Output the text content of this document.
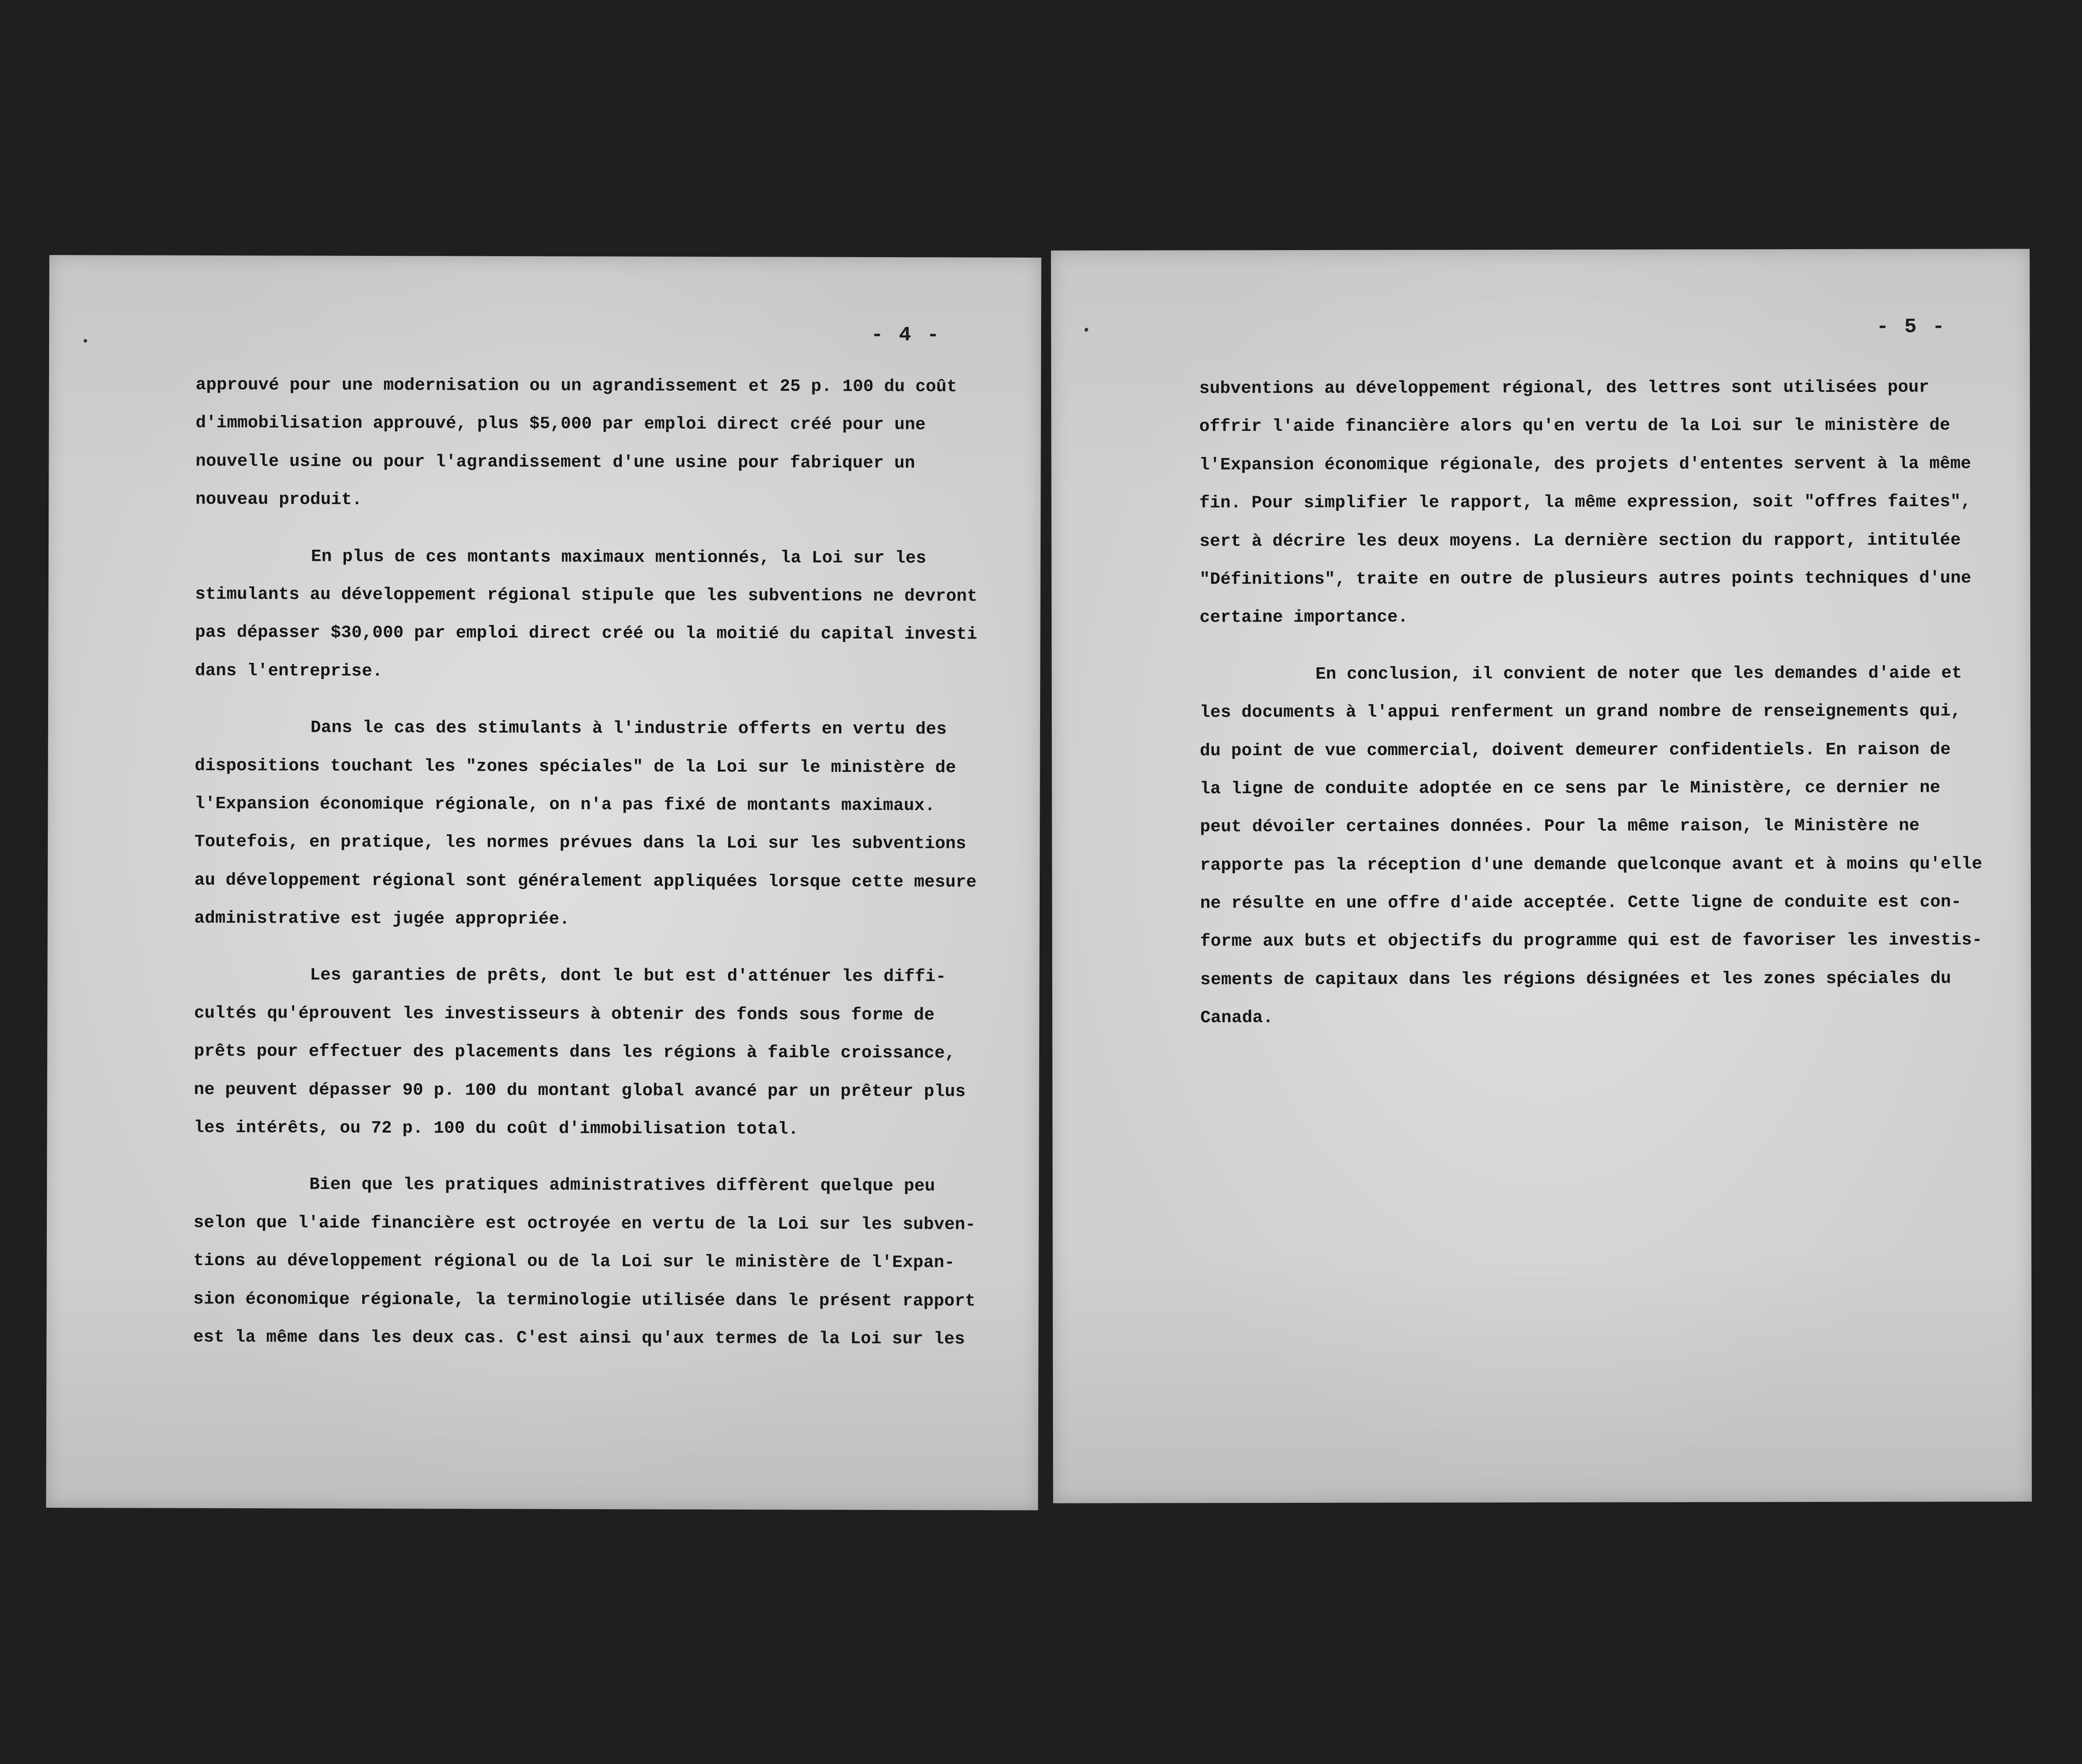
- 4 -
approuvé pour une modernisation ou un agrandissement et 25 p. 100 du coût
d'immobilisation approuvé, plus $5,000 par emploi direct créé pour une
nouvelle usine ou pour l'agrandissement d'une usine pour fabriquer un
nouveau produit.
En plus de ces montants maximaux mentionnés, la Loi sur les
stimulants au développement régional stipule que les subventions ne devront
pas dépasser $30,000 par emploi direct créé ou la moitié du capital investi
dans l'entreprise.
Dans le cas des stimulants à l'industrie offerts en vertu des
dispositions touchant les "zones spéciales" de la Loi sur le ministère de
l'Expansion économique régionale, on n'a pas fixé de montants maximaux.
Toutefois, en pratique, les normes prévues dans la Loi sur les subventions
au développement régional sont généralement appliquées lorsque cette mesure
administrative est jugée appropriée.
Les garanties de prêts, dont le but est d'atténuer les diffi-
cultés qu'éprouvent les investisseurs à obtenir des fonds sous forme de
prêts pour effectuer des placements dans les régions à faible croissance,
ne peuvent dépasser 90 p. 100 du montant global avancé par un prêteur plus
les intérêts, ou 72 p. 100 du coût d'immobilisation total.
Bien que les pratiques administratives diffèrent quelque peu
selon que l'aide financière est octroyée en vertu de la Loi sur les subven-
tions au développement régional ou de la Loi sur le ministère de l'Expan-
sion économique régionale, la terminologie utilisée dans le présent rapport
est la même dans les deux cas. C'est ainsi qu'aux termes de la Loi sur les
- 5 -
subventions au développement régional, des lettres sont utilisées pour
offrir l'aide financière alors qu'en vertu de la Loi sur le ministère de
l'Expansion économique régionale, des projets d'ententes servent à la même
fin. Pour simplifier le rapport, la même expression, soit "offres faites",
sert à décrire les deux moyens. La dernière section du rapport, intitulée
"Définitions", traite en outre de plusieurs autres points techniques d'une
certaine importance.
En conclusion, il convient de noter que les demandes d'aide et
les documents à l'appui renferment un grand nombre de renseignements qui,
du point de vue commercial, doivent demeurer confidentiels. En raison de
la ligne de conduite adoptée en ce sens par le Ministère, ce dernier ne
peut dévoiler certaines données. Pour la même raison, le Ministère ne
rapporte pas la réception d'une demande quelconque avant et à moins qu'elle
ne résulte en une offre d'aide acceptée. Cette ligne de conduite est con-
forme aux buts et objectifs du programme qui est de favoriser les investis-
sements de capitaux dans les régions désignées et les zones spéciales du
Canada.
